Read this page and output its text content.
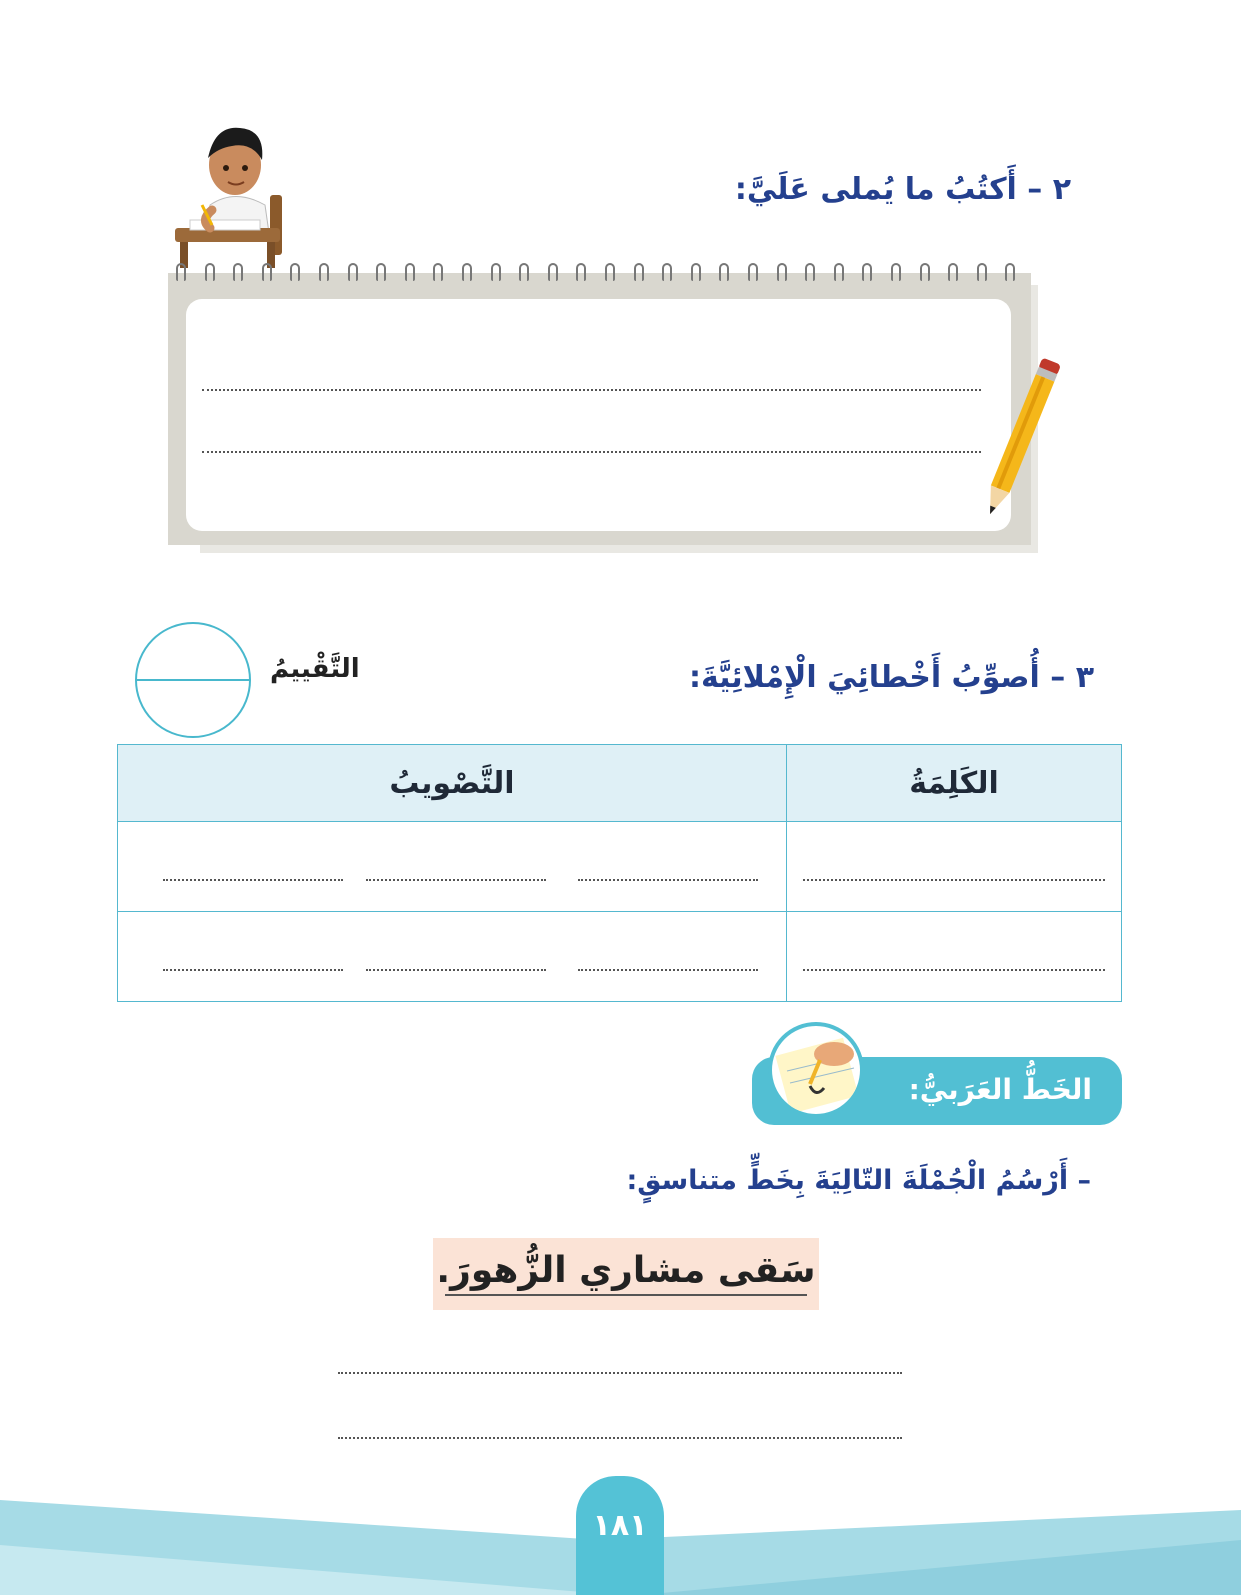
٢ – أَكتُبُ ما يُملى عَلَيَّ:
٣ – أُصوِّبُ أَخْطائِيَ الْإِمْلائِيَّةَ:
التَّقْييمُ
الكَلِمَةُ	التَّصْويبُ

الخَطُّ العَرَبيُّ:
– أَرْسُمُ الْجُمْلَةَ التّالِيَةَ بِخَطٍّ متناسقٍ:
سَقى مشاري الزُّهورَ.
١٨١
